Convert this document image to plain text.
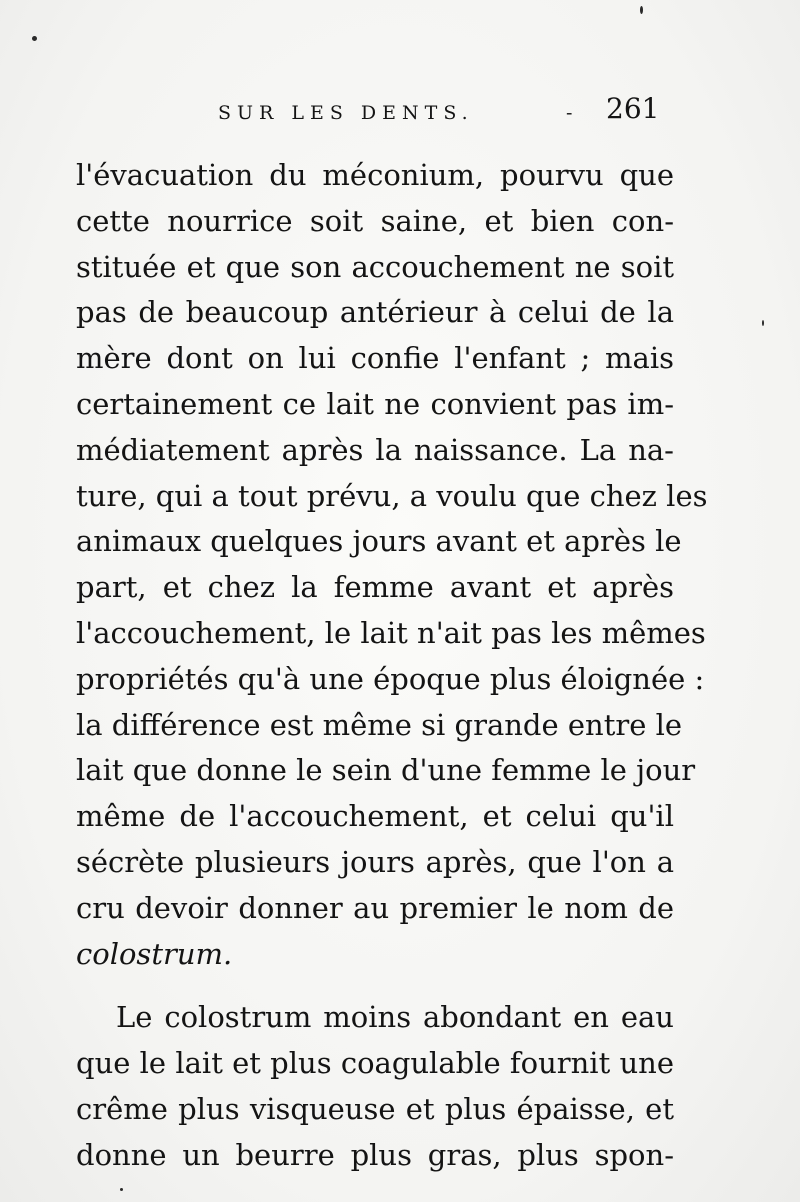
SUR LES DENTS.	- 261
l'évacuation du méconium, pourvu que
cette nourrice soit saine, et bien con-
stituée et que son accouchement ne soit
pas de beaucoup antérieur à celui de la
mère dont on lui confie l'enfant ; mais
certainement ce lait ne convient pas im-
médiatement après la naissance. La na-
ture, qui a tout prévu, a voulu que chez les
animaux quelques jours avant et après le
part, et chez la femme avant et après
l'accouchement, le lait n'ait pas les mêmes
propriétés qu'à une époque plus éloignée :
la différence est même si grande entre le
lait que donne le sein d'une femme le jour
même de l'accouchement, et celui qu'il
sécrète plusieurs jours après, que l'on a
cru devoir donner au premier le nom de
colostrum.
Le colostrum moins abondant en eau
que le lait et plus coagulable fournit une
crême plus visqueuse et plus épaisse, et
donne un beurre plus gras, plus spon-
